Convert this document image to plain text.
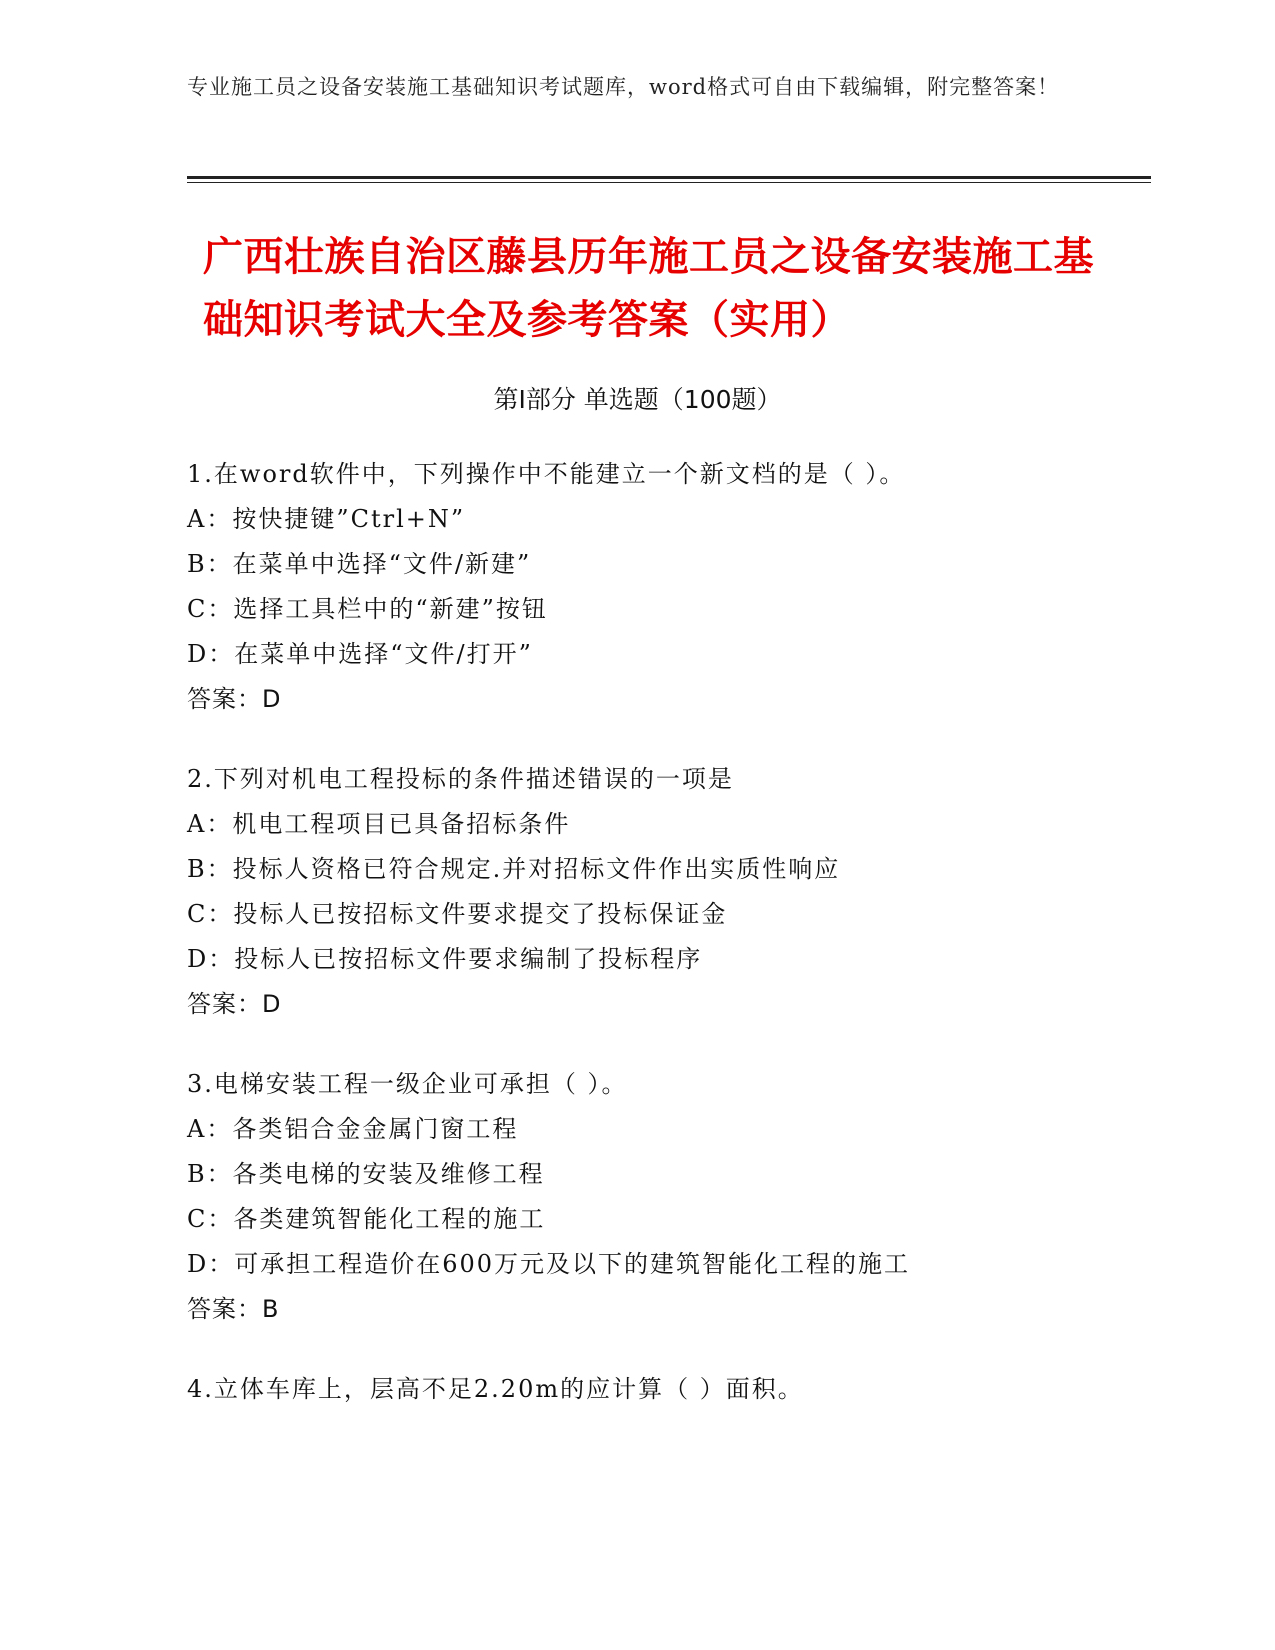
专业施工员之设备安装施工基础知识考试题库，word格式可自由下载编辑，附完整答案！
广西壮族自治区藤县历年施工员之设备安装施工基础知识考试大全及参考答案（实用）
第I部分 单选题（100题）
1.在word软件中，下列操作中不能建立一个新文档的是（ ）。
A：按快捷键”Ctrl+N”
B：在菜单中选择“文件/新建”
C：选择工具栏中的“新建”按钮
D：在菜单中选择“文件/打开”
答案：D
2.下列对机电工程投标的条件描述错误的一项是
A：机电工程项目已具备招标条件
B：投标人资格已符合规定.并对招标文件作出实质性响应
C：投标人已按招标文件要求提交了投标保证金
D：投标人已按招标文件要求编制了投标程序
答案：D
3.电梯安装工程一级企业可承担（ ）。
A：各类铝合金金属门窗工程
B：各类电梯的安装及维修工程
C：各类建筑智能化工程的施工
D：可承担工程造价在600万元及以下的建筑智能化工程的施工
答案：B
4.立体车库上，层高不足2.20m的应计算（ ）面积。
